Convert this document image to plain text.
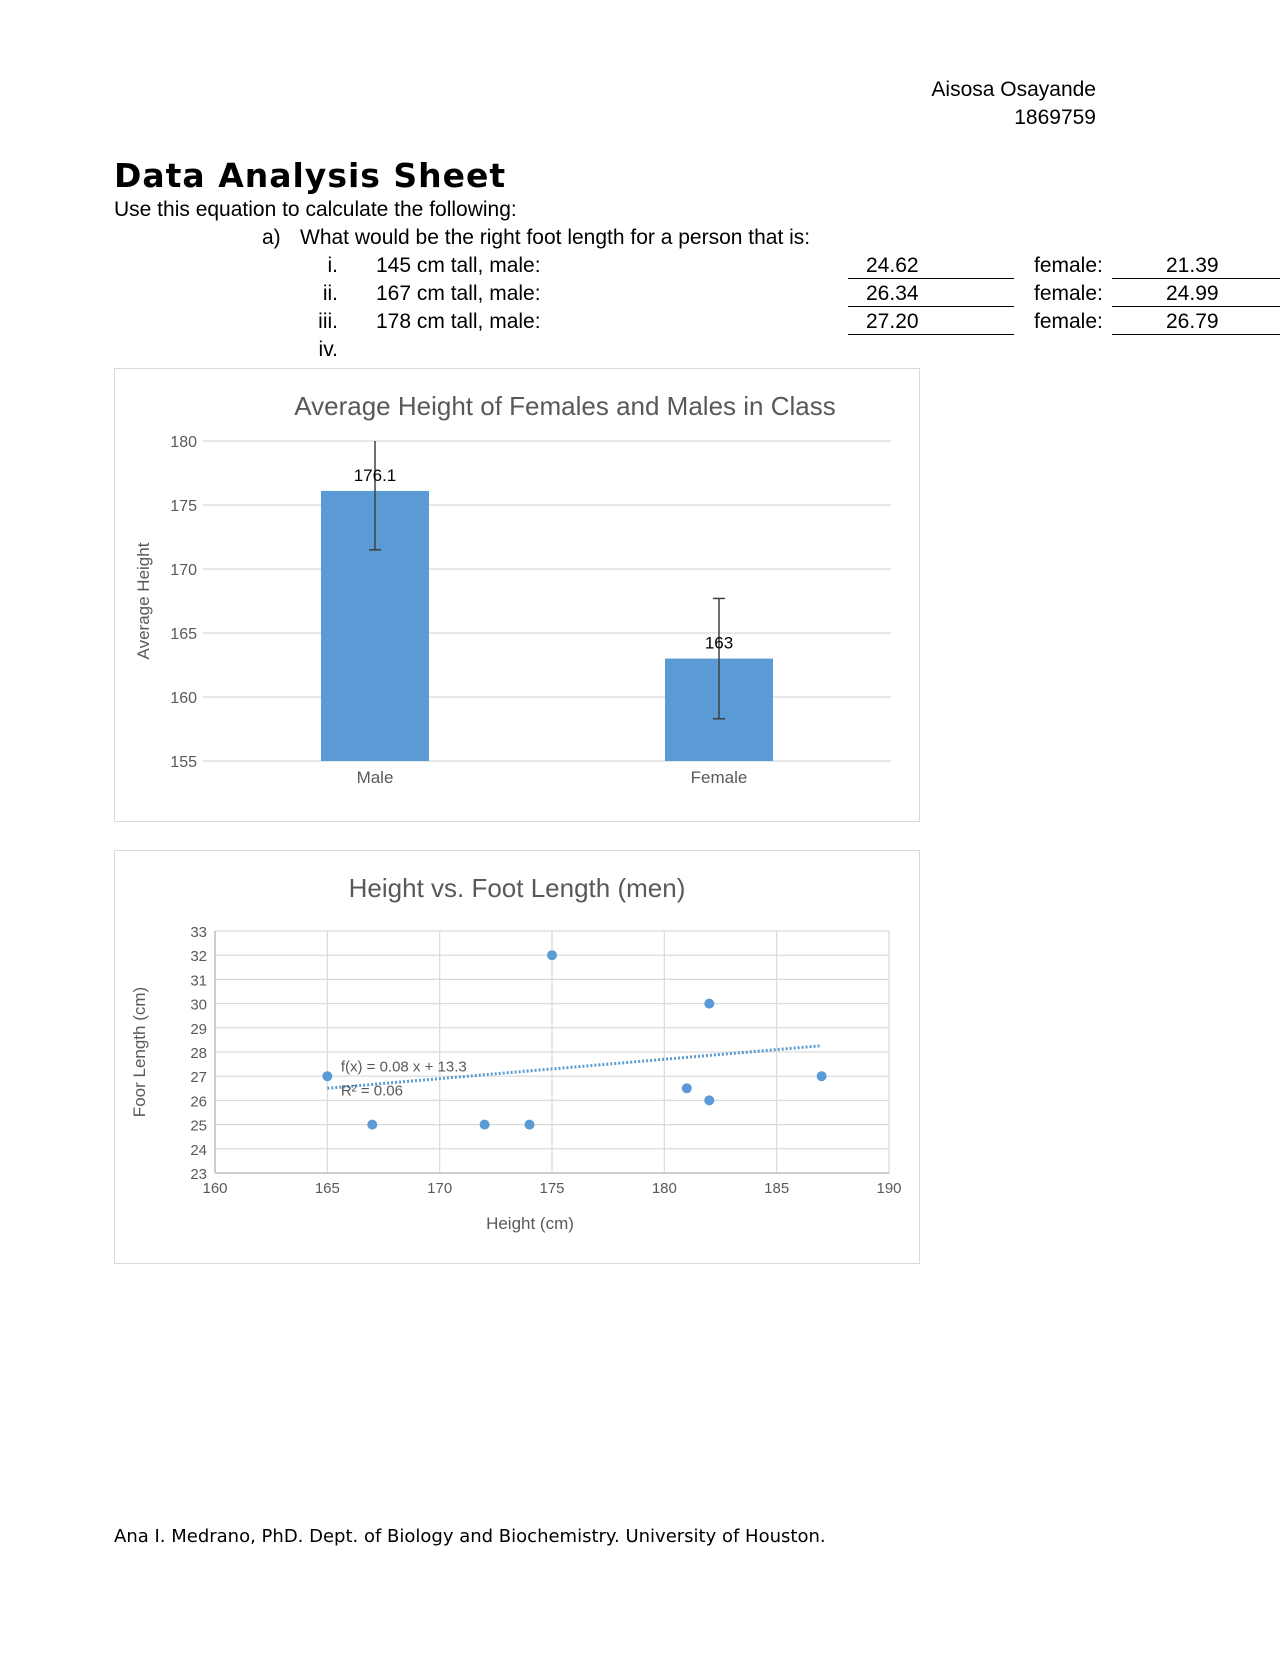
Aisosa Osayande
1869759
Data Analysis Sheet
Use this equation to calculate the following:
a) What would be the right foot length for a person that is:
i. 145 cm tall, male:	24.62	female:	21.39
ii. 167 cm tall, male:	26.34	female:	24.99
iii. 178 cm tall, male:	27.20	female:	26.79
iv.
Average Height of Females and Males in Class
155
160
165
170
175
180
Average Height
Male
176.1
Female
163
Height vs. Foot Length (men)
23
24
25
26
27
28
29
30
31
32
33
160	165	170	175	180	185	190
Height (cm)
Foor Length (cm)	f(x) = 0.08 x + 13.3
R² = 0.06
Ana I. Medrano, PhD. Dept. of Biology and Biochemistry. University of Houston.
